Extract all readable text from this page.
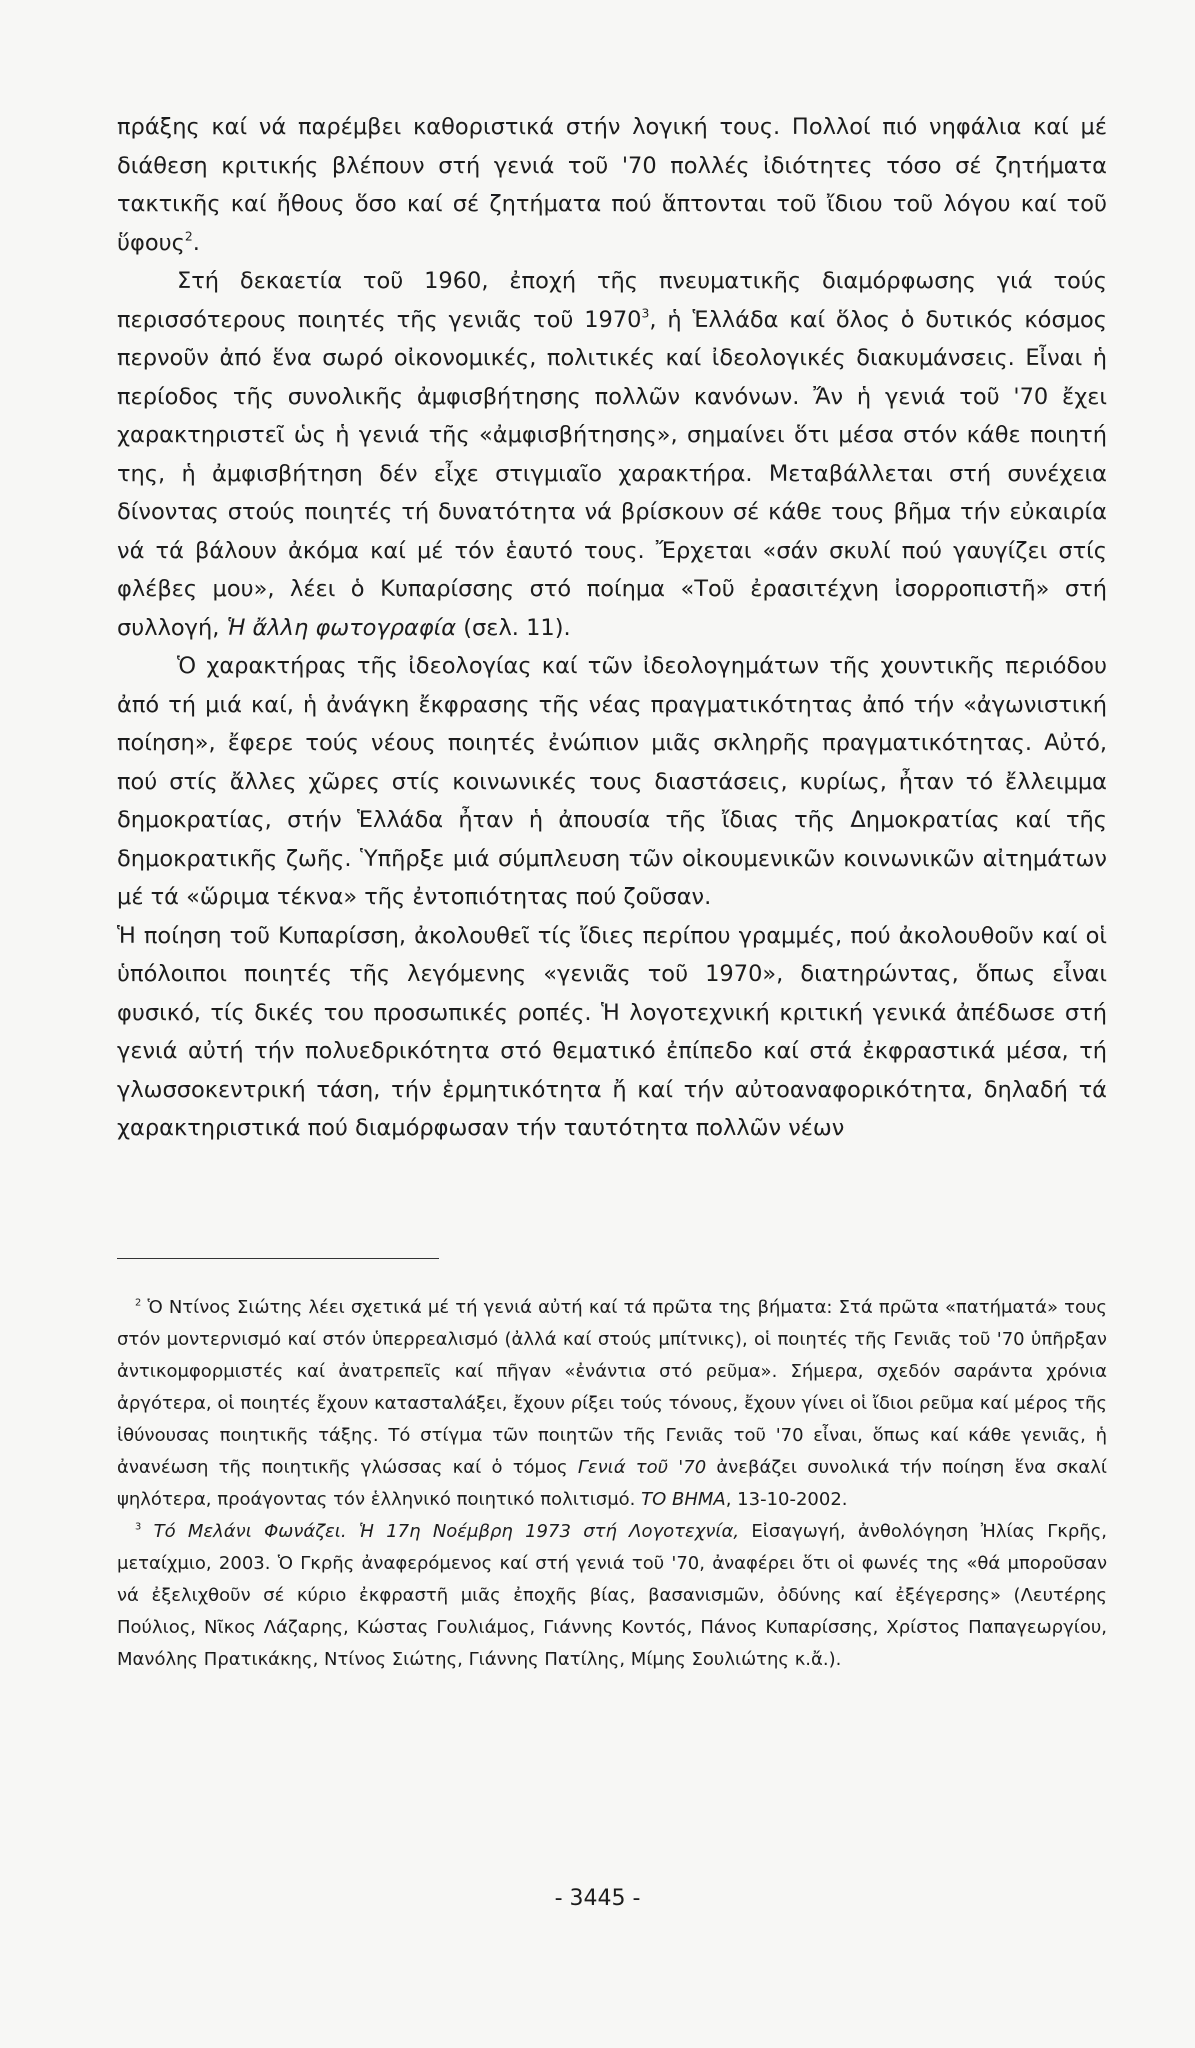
πράξης καί νά παρέμβει καθοριστικά στήν λογική τους. Πολλοί πιό νηφάλια καί μέ διάθεση κριτικής βλέπουν στή γενιά τοῦ '70 πολλές ἰδιότητες τόσο σέ ζητήματα τακτικῆς καί ἤθους ὅσο καί σέ ζητήματα πού ἅπτονται τοῦ ἴδιου τοῦ λόγου καί τοῦ ὕφους$^2$.

Στή δεκαετία τοῦ 1960, ἐποχή τῆς πνευματικῆς διαμόρφωσης γιά τούς περισσότερους ποιητές τῆς γενιᾶς τοῦ 1970$^3$, ἡ Ἑλλάδα καί ὅλος ὁ δυτικός κόσμος περνοῦν ἀπό ἕνα σωρό οἰκονομικές, πολιτικές καί ἰδεολογικές διακυμάνσεις. Εἶναι ἡ περίοδος τῆς συνολικῆς ἀμφισβήτησης πολλῶν κανόνων. Ἄν ἡ γενιά τοῦ '70 ἔχει χαρακτηριστεῖ ὡς ἡ γενιά τῆς «ἀμφισβήτησης», σημαίνει ὅτι μέσα στόν κάθε ποιητή της, ἡ ἀμφισβήτηση δέν εἶχε στιγμιαῖο χαρακτήρα. Μεταβάλλεται στή συνέχεια δίνοντας στούς ποιητές τή δυνατότητα νά βρίσκουν σέ κάθε τους βῆμα τήν εὐκαιρία νά τά βάλουν ἀκόμα καί μέ τόν ἑαυτό τους. Ἔρχεται «σάν σκυλί πού γαυγίζει στίς φλέβες μου», λέει ὁ Κυπαρίσσης στό ποίημα «Τοῦ ἐρασιτέχνη ἰσορροπιστῆ» στή συλλογή, Ἡ ἄλλη φωτογραφία (σελ. 11).

Ὁ χαρακτήρας τῆς ἰδεολογίας καί τῶν ἰδεολογημάτων τῆς χουντικῆς περιόδου ἀπό τή μιά καί, ἡ ἀνάγκη ἔκφρασης τῆς νέας πραγματικότητας ἀπό τήν «ἀγωνιστική ποίηση», ἔφερε τούς νέους ποιητές ἐνώπιον μιᾶς σκληρῆς πραγματικότητας. Αὐτό, πού στίς ἄλλες χῶρες στίς κοινωνικές τους διαστάσεις, κυρίως, ἦταν τό ἔλλειμμα δημοκρατίας, στήν Ἑλλάδα ἦταν ἡ ἀπουσία τῆς ἴδιας τῆς Δημοκρατίας καί τῆς δημοκρατικῆς ζωῆς. Ὑπῆρξε μιά σύμπλευση τῶν οἰκουμενικῶν κοινωνικῶν αἰτημάτων μέ τά «ὥριμα τέκνα» τῆς ἐντοπιότητας πού ζοῦσαν.

Ἡ ποίηση τοῦ Κυπαρίσση, ἀκολουθεῖ τίς ἴδιες περίπου γραμμές, πού ἀκολουθοῦν καί οἱ ὑπόλοιποι ποιητές τῆς λεγόμενης «γενιᾶς τοῦ 1970», διατηρώντας, ὅπως εἶναι φυσικό, τίς δικές του προσωπικές ροπές. Ἡ λογοτεχνική κριτική γενικά ἀπέδωσε στή γενιά αὐτή τήν πολυεδρικότητα στό θεματικό ἐπίπεδο καί στά ἐκφραστικά μέσα, τή γλωσσοκεντρική τάση, τήν ἑρμητικότητα ἤ καί τήν αὐτοαναφορικότητα, δηλαδή τά χαρακτηριστικά πού διαμόρφωσαν τήν ταυτότητα πολλῶν νέων

$^2$ Ὁ Ντίνος Σιώτης λέει σχετικά μέ τή γενιά αὐτή καί τά πρῶτα της βήματα: Στά πρῶτα «πατήματά» τους στόν μοντερνισμό καί στόν ὑπερρεαλισμό (ἀλλά καί στούς μπίτνικς), οἱ ποιητές τῆς Γενιᾶς τοῦ '70 ὑπῆρξαν ἀντικομφορμιστές καί ἀνατρεπεῖς καί πῆγαν «ἐνάντια στό ρεῦμα». Σήμερα, σχεδόν σαράντα χρόνια ἀργότερα, οἱ ποιητές ἔχουν κατασταλάξει, ἔχουν ρίξει τούς τόνους, ἔχουν γίνει οἱ ἴδιοι ρεῦμα καί μέρος τῆς ἰθύνουσας ποιητικῆς τάξης. Τό στίγμα τῶν ποιητῶν τῆς Γενιᾶς τοῦ '70 εἶναι, ὅπως καί κάθε γενιᾶς, ἡ ἀνανέωση τῆς ποιητικῆς γλώσσας καί ὁ τόμος Γενιά τοῦ '70 ἀνεβάζει συνολικά τήν ποίηση ἕνα σκαλί ψηλότερα, προάγοντας τόν ἑλληνικό ποιητικό πολιτισμό. ΤΟ ΒΗΜΑ, 13-10-2002.

$^3$ Τό Μελάνι Φωνάζει. Ἡ 17η Νοέμβρη 1973 στή Λογοτεχνία, Εἰσαγωγή, ἀνθολόγηση Ἠλίας Γκρῆς, μεταίχμιο, 2003. Ὁ Γκρῆς ἀναφερόμενος καί στή γενιά τοῦ '70, ἀναφέρει ὅτι οἱ φωνές της «θά μποροῦσαν νά ἐξελιχθοῦν σέ κύριο ἐκφραστῆ μιᾶς ἐποχῆς βίας, βασανισμῶν, ὀδύνης καί ἐξέγερσης» (Λευτέρης Πούλιος, Νῖκος Λάζαρης, Κώστας Γουλιάμος, Γιάννης Κοντός, Πάνος Κυπαρίσσης, Χρίστος Παπαγεωργίου, Μανόλης Πρατικάκης, Ντίνος Σιώτης, Γιάννης Πατίλης, Μίμης Σουλιώτης κ.ἄ.).

- 3445 -
